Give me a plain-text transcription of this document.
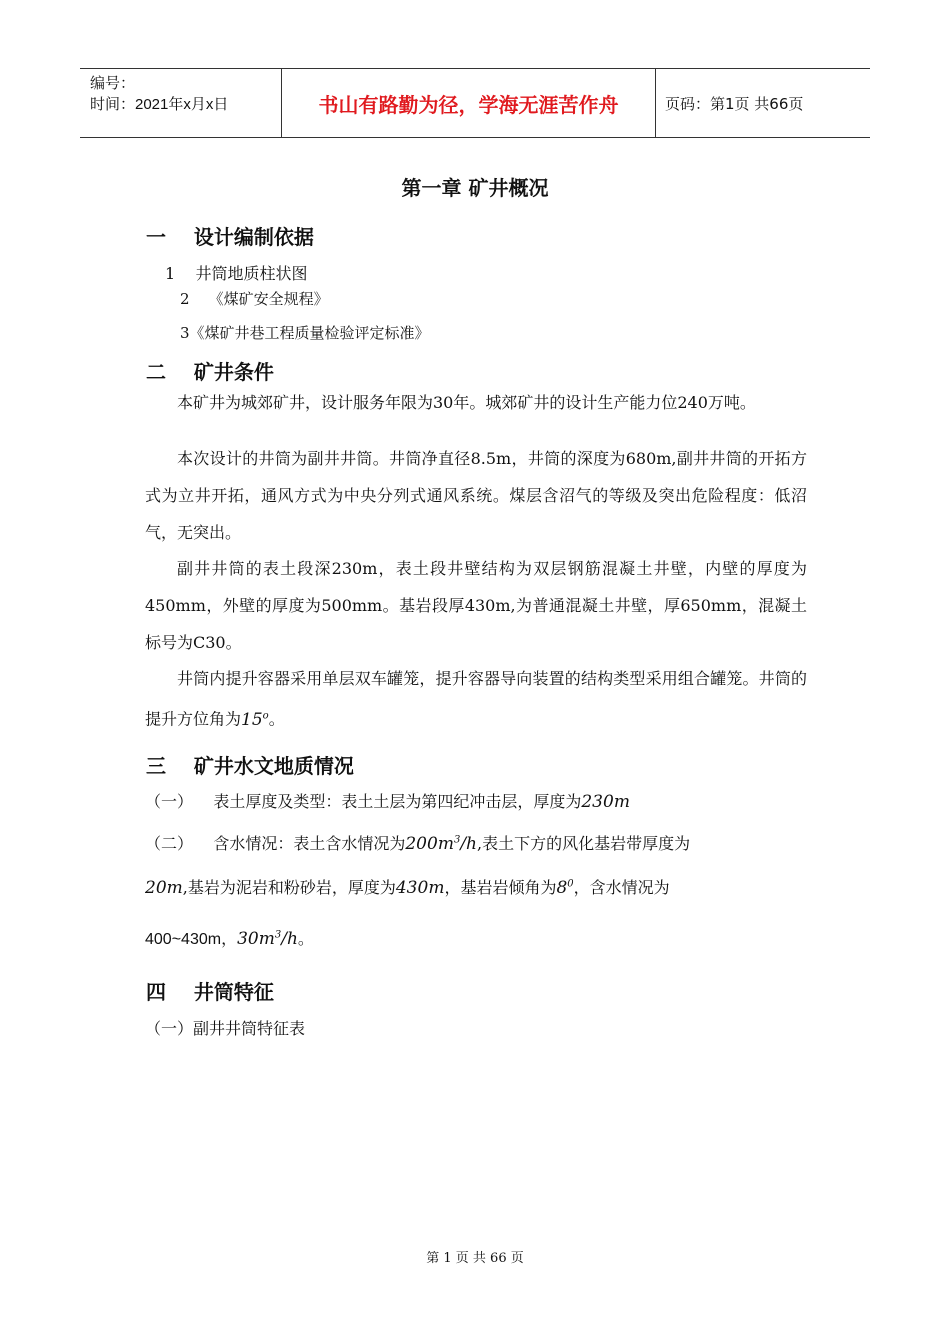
编号：
时间：2021年x月x日	书山有路勤为径，学海无涯苦作舟	页码：第1页 共66页
第一章 矿井概况
一    设计编制依据
1    井筒地质柱状图
2    《煤矿安全规程》
3《煤矿井巷工程质量检验评定标准》
二    矿井条件
本矿井为城郊矿井，设计服务年限为30年。城郊矿井的设计生产能力位240万吨。
本次设计的井筒为副井井筒。井筒净直径8.5m，井筒的深度为680m,副井井筒的开拓方式为立井开拓，通风方式为中央分列式通风系统。煤层含沼气的等级及突出危险程度：低沼气，无突出。
副井井筒的表土段深230m，表土段井壁结构为双层钢筋混凝土井壁，内壁的厚度为450mm，外壁的厚度为500mm。基岩段厚430m,为普通混凝土井壁，厚650mm，混凝土标号为C30。
井筒内提升容器采用单层双车罐笼，提升容器导向装置的结构类型采用组合罐笼。井筒的提升方位角为15$^o$。
三    矿井水文地质情况
（一）    表土厚度及类型：表土土层为第四纪冲击层，厚度为230m
（二）    含水情况：表土含水情况为$200m^3/h$,表土下方的风化基岩带厚度为
20m,基岩为泥岩和粉砂岩，厚度为430m，基岩岩倾角为$8^0$，含水情况为
400~430m，$30m^3/h$。
四    井筒特征
（一）副井井筒特征表
第 1 页 共 66 页
